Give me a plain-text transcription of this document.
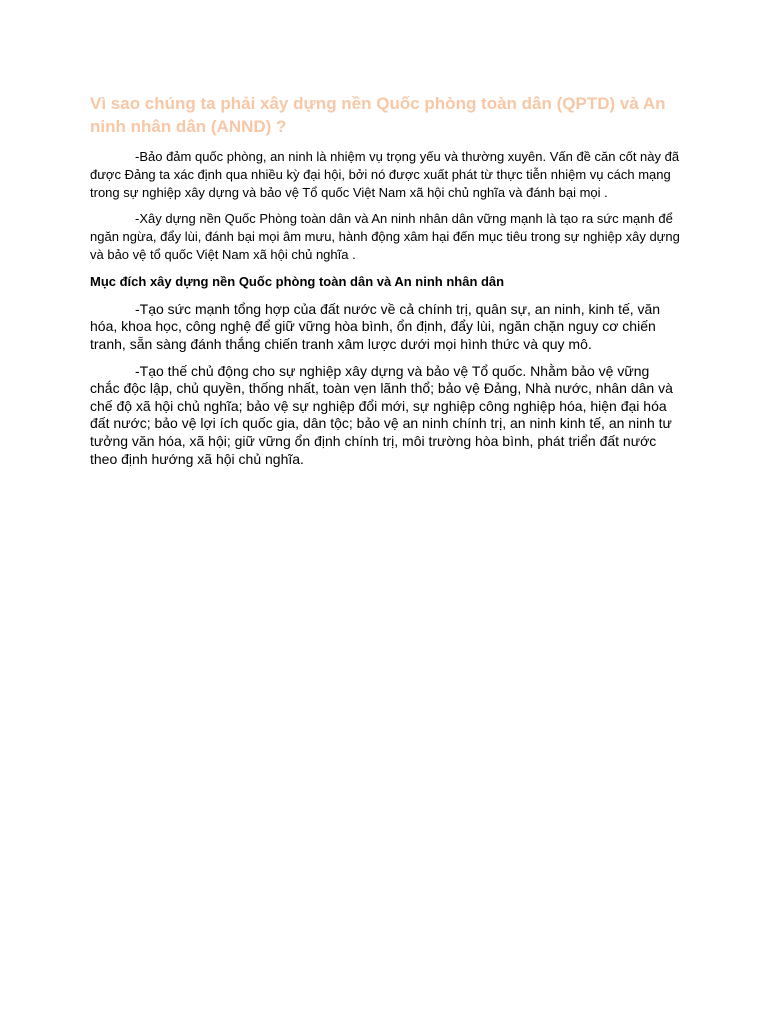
Vì sao chúng ta phải xây dựng nền Quốc phòng toàn dân (QPTD) và An ninh nhân dân (ANND) ?

-Bảo đảm quốc phòng, an ninh là nhiệm vụ trọng yếu và thường xuyên. Vấn đề căn cốt này đã được Đảng ta xác định qua nhiều kỳ đại hội, bởi nó được xuất phát từ thực tiễn nhiệm vụ cách mạng trong sự nghiệp xây dựng và bảo vệ Tổ quốc Việt Nam xã hội chủ nghĩa và đánh bại mọi .

-Xây dựng nền Quốc Phòng toàn dân và An ninh nhân dân vững mạnh là tạo ra sức mạnh để ngăn ngừa, đẩy lùi, đánh bại mọi âm mưu, hành động xâm hại đến mục tiêu trong sự nghiệp xây dựng và bảo vệ tổ quốc Việt Nam xã hội chủ nghĩa .

Mục đích xây dựng nền Quốc phòng toàn dân và An ninh nhân dân

-Tạo sức mạnh tổng hợp của đất nước về cả chính trị, quân sự, an ninh, kinh tế, văn hóa, khoa học, công nghệ để giữ vững hòa bình, ổn định, đẩy lùi, ngăn chặn nguy cơ chiến tranh, sẵn sàng đánh thắng chiến tranh xâm lược dưới mọi hình thức và quy mô.

-Tạo thế chủ động cho sự nghiệp xây dựng và bảo vệ Tổ quốc. Nhằm bảo vệ vững chắc độc lập, chủ quyền, thống nhất, toàn vẹn lãnh thổ; bảo vệ Đảng, Nhà nước, nhân dân và chế độ xã hội chủ nghĩa; bảo vệ sự nghiệp đổi mới, sự nghiệp công nghiệp hóa, hiện đại hóa đất nước; bảo vệ lợi ích quốc gia, dân tộc; bảo vệ an ninh chính trị, an ninh kinh tế, an ninh tư tưởng văn hóa, xã hội; giữ vững ổn định chính trị, môi trường hòa bình, phát triển đất nước theo định hướng xã hội chủ nghĩa.
